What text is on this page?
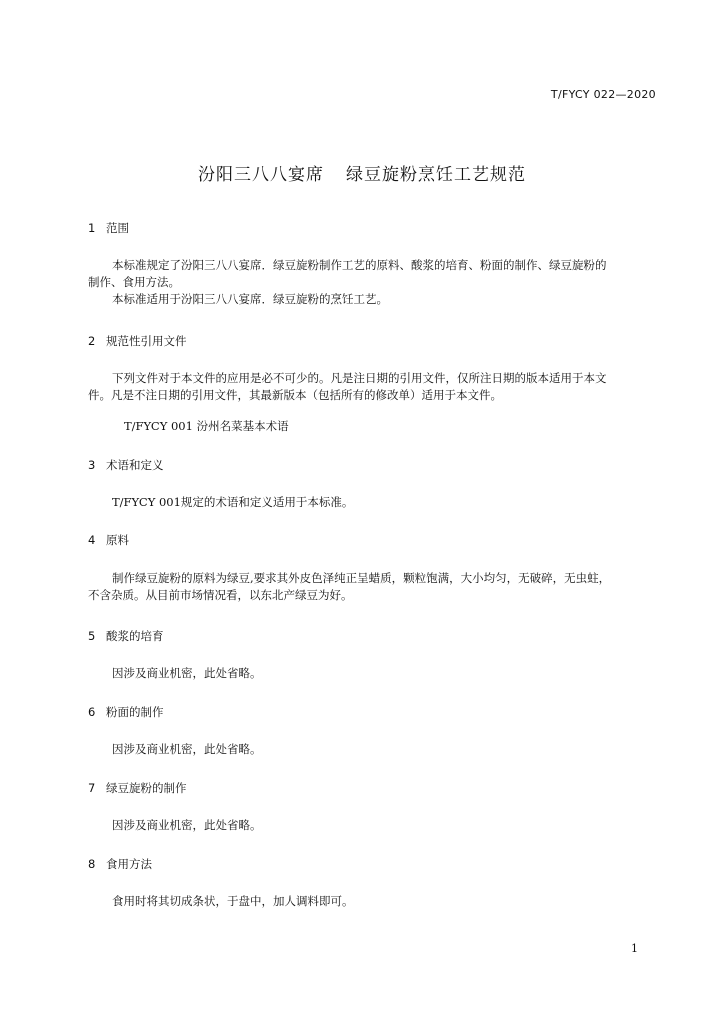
T/FYCY 022—2020
汾阳三八八宴席 绿豆旋粉烹饪工艺规范
1 范围
本标准规定了汾阳三八八宴席．绿豆旋粉制作工艺的原料、酸浆的培育、粉面的制作、绿豆旋粉的
制作、食用方法。
本标准适用于汾阳三八八宴席．绿豆旋粉的烹饪工艺。
2 规范性引用文件
下列文件对于本文件的应用是必不可少的。凡是注日期的引用文件，仅所注日期的版本适用于本文
件。凡是不注日期的引用文件，其最新版本（包括所有的修改单）适用于本文件。
T/FYCY 001 汾州名菜基本术语
3 术语和定义
T/FYCY 001规定的术语和定义适用于本标准。
4 原料
制作绿豆旋粉的原料为绿豆,要求其外皮色泽纯正呈蜡质，颗粒饱满，大小均匀，无破碎，无虫蛀，
不含杂质。从目前市场情况看，以东北产绿豆为好。
5 酸浆的培育
因涉及商业机密，此处省略。
6 粉面的制作
因涉及商业机密，此处省略。
7 绿豆旋粉的制作
因涉及商业机密，此处省略。
8 食用方法
食用时将其切成条状，于盘中，加人调料即可。
1
